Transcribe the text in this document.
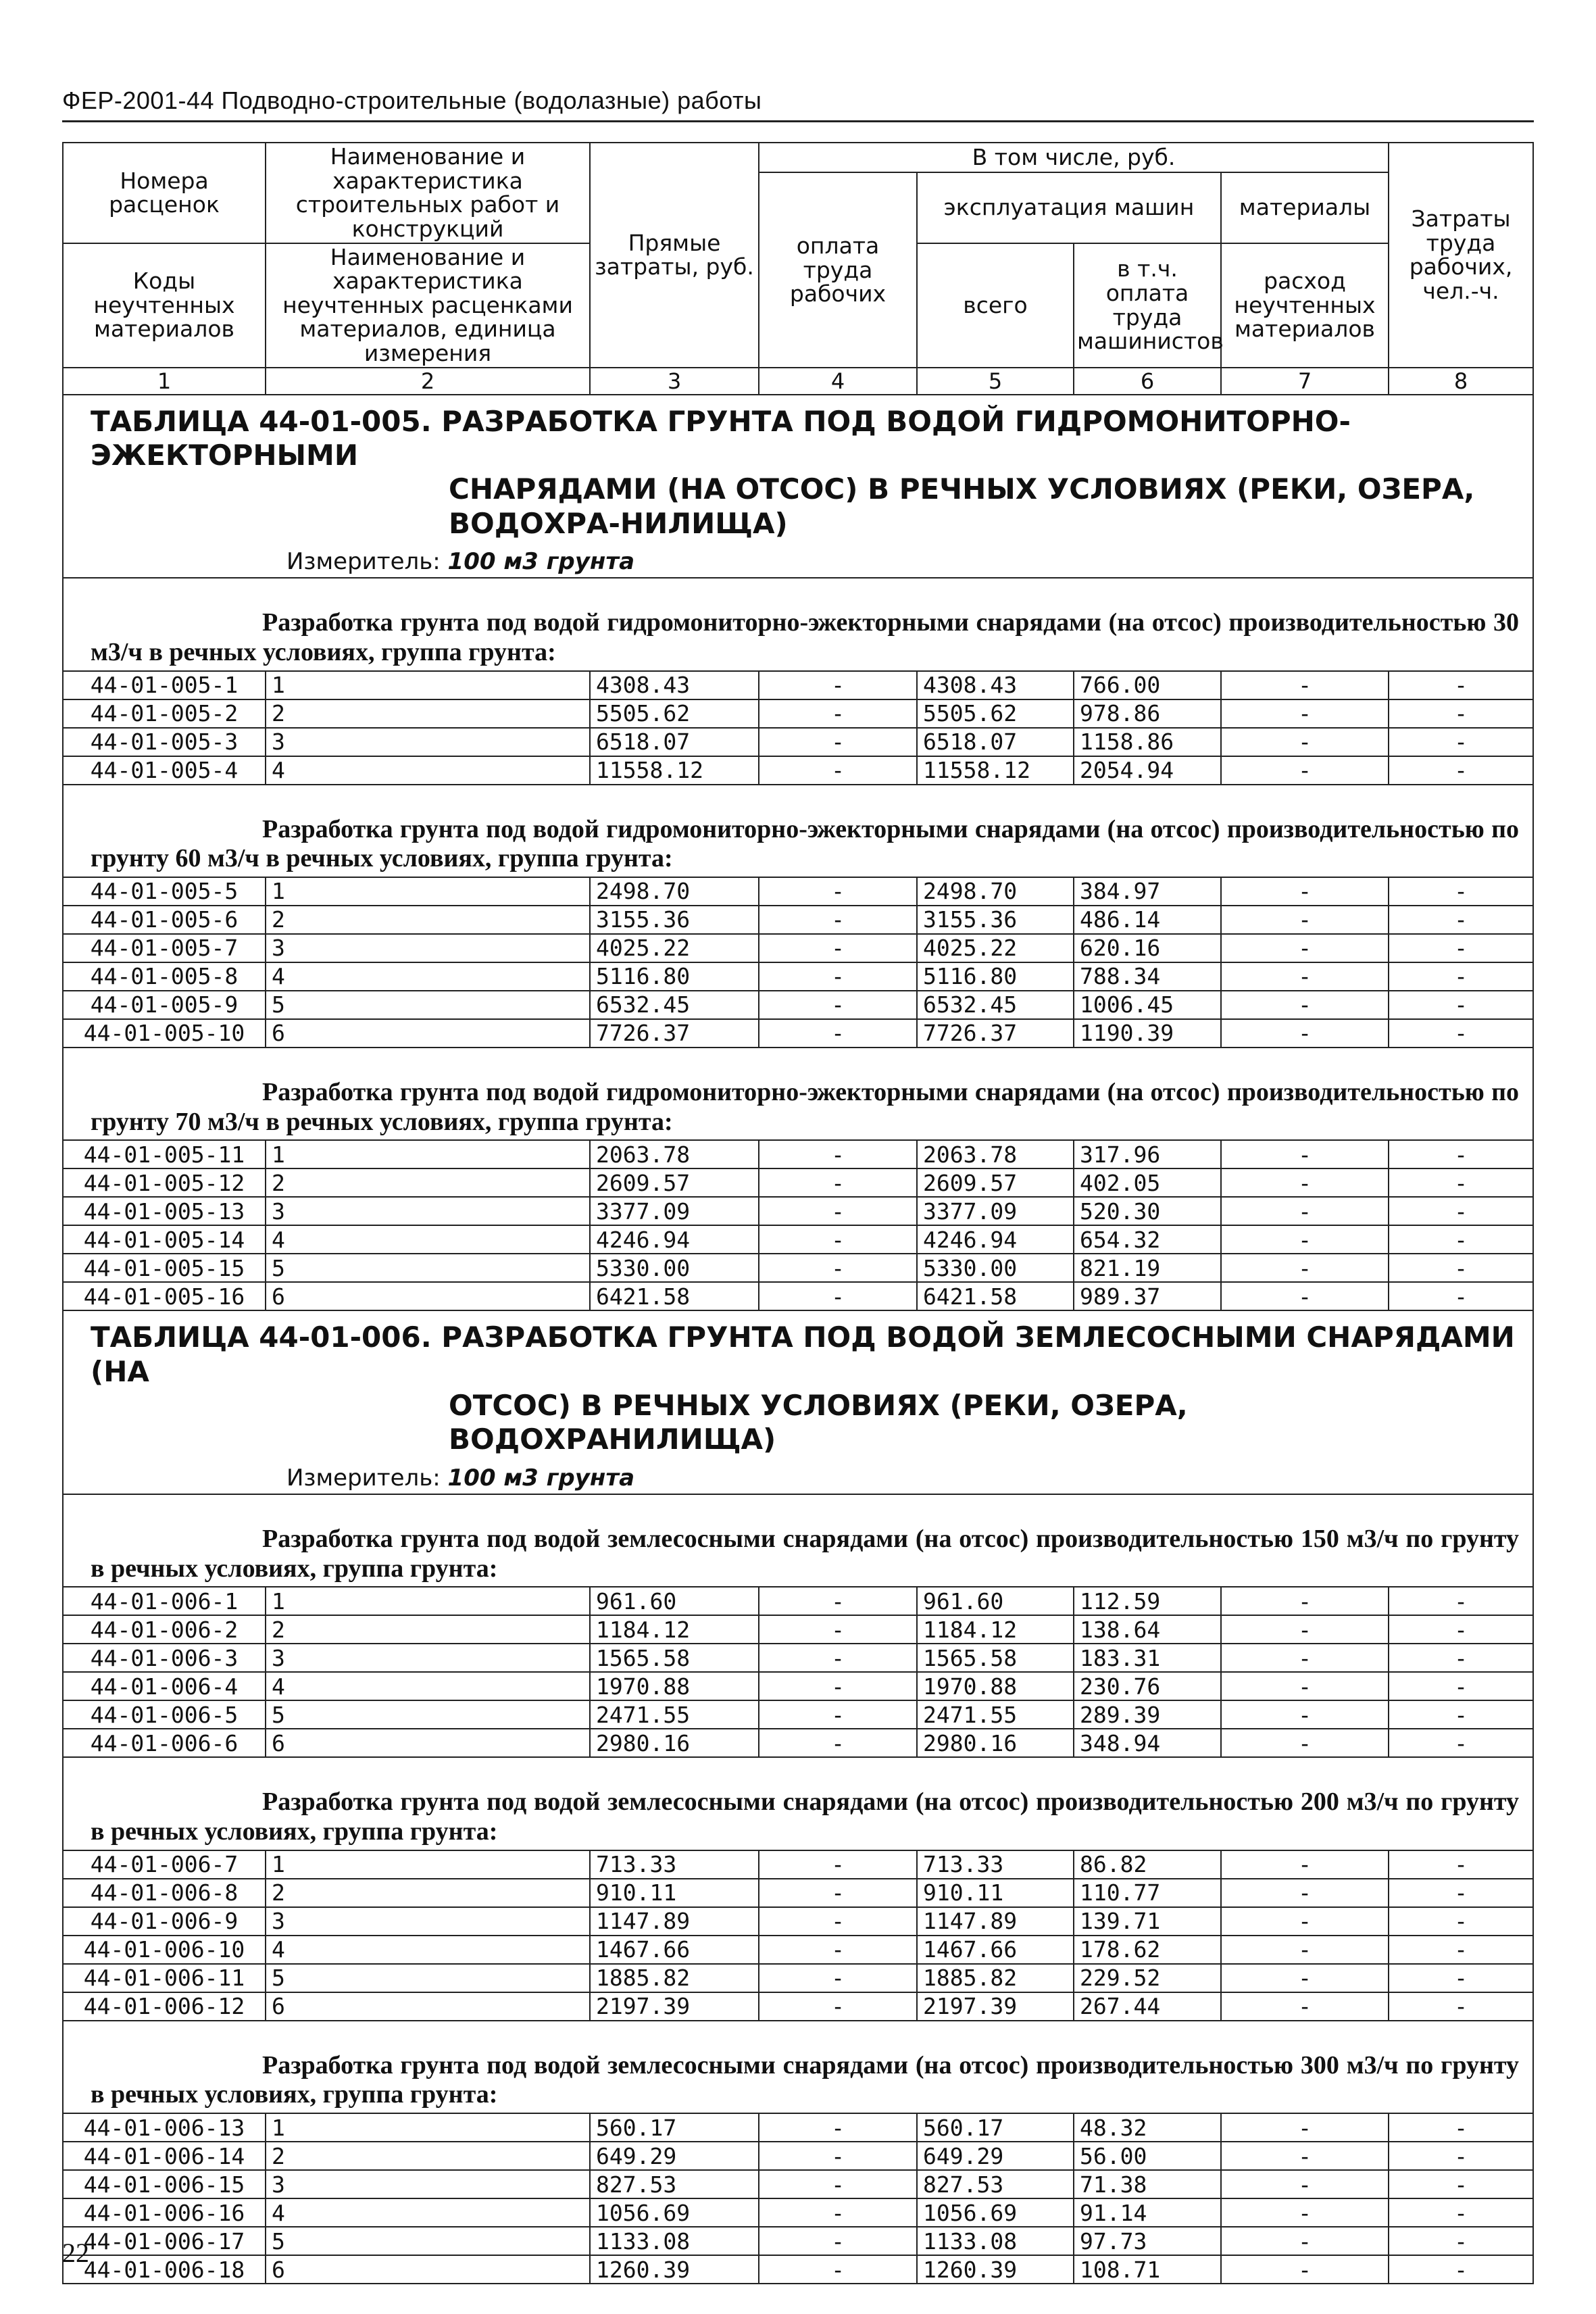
ФЕР-2001-44 Подводно-строительные (водолазные) работы
Номера расценок	Наименование и характеристика строительных работ и конструкций	Прямые затраты, руб.	В том числе, руб.				Затраты труда рабочих, чел.-ч.
			оплата труда рабочих	эксплуатация машин		материалы	
Коды неучтенных материалов	Наименование и характеристика неучтенных расценками материалов, единица измерения			всего	в т.ч. оплата труда машинистов	расход неучтенных материалов	

1	2	3	4	5	6	7	8

ТАБЛИЦА 44-01-005. РАЗРАБОТКА ГРУНТА ПОД ВОДОЙ ГИДРОМОНИТОРНО-ЭЖЕКТОРНЫМИ
СНАРЯДАМИ (НА ОТСОС) В РЕЧНЫХ УСЛОВИЯХ (РЕКИ, ОЗЕРА, ВОДОХРА-НИЛИЩА)
Измеритель: 100 м3 грунта							

Разработка грунта под водой гидромониторно-эжекторными снарядами (на отсос) производительностью 30 м3/ч в речных условиях, группа грунта:							

44-01-005-1	1	4308.43	-	4308.43	766.00	-	-
44-01-005-2	2	5505.62	-	5505.62	978.86	-	-
44-01-005-3	3	6518.07	-	6518.07	1158.86	-	-
44-01-005-4	4	11558.12	-	11558.12	2054.94	-	-

Разработка грунта под водой гидромониторно-эжекторными снарядами (на отсос) производительностью по грунту 60 м3/ч в речных условиях, группа грунта:							

44-01-005-5	1	2498.70	-	2498.70	384.97	-	-
44-01-005-6	2	3155.36	-	3155.36	486.14	-	-
44-01-005-7	3	4025.22	-	4025.22	620.16	-	-
44-01-005-8	4	5116.80	-	5116.80	788.34	-	-
44-01-005-9	5	6532.45	-	6532.45	1006.45	-	-
44-01-005-10	6	7726.37	-	7726.37	1190.39	-	-

Разработка грунта под водой гидромониторно-эжекторными снарядами (на отсос) производительностью по грунту 70 м3/ч в речных условиях, группа грунта:							

44-01-005-11	1	2063.78	-	2063.78	317.96	-	-
44-01-005-12	2	2609.57	-	2609.57	402.05	-	-
44-01-005-13	3	3377.09	-	3377.09	520.30	-	-
44-01-005-14	4	4246.94	-	4246.94	654.32	-	-
44-01-005-15	5	5330.00	-	5330.00	821.19	-	-
44-01-005-16	6	6421.58	-	6421.58	989.37	-	-

ТАБЛИЦА 44-01-006. РАЗРАБОТКА ГРУНТА ПОД ВОДОЙ ЗЕМЛЕСОСНЫМИ СНАРЯДАМИ (НА
ОТСОС) В РЕЧНЫХ УСЛОВИЯХ (РЕКИ, ОЗЕРА, ВОДОХРАНИЛИЩА)
Измеритель: 100 м3 грунта							

Разработка грунта под водой землесосными снарядами (на отсос) производительностью 150 м3/ч по грунту в речных условиях, группа грунта:							

44-01-006-1	1	961.60	-	961.60	112.59	-	-
44-01-006-2	2	1184.12	-	1184.12	138.64	-	-
44-01-006-3	3	1565.58	-	1565.58	183.31	-	-
44-01-006-4	4	1970.88	-	1970.88	230.76	-	-
44-01-006-5	5	2471.55	-	2471.55	289.39	-	-
44-01-006-6	6	2980.16	-	2980.16	348.94	-	-

Разработка грунта под водой землесосными снарядами (на отсос) производительностью 200 м3/ч по грунту в речных условиях, группа грунта:							

44-01-006-7	1	713.33	-	713.33	86.82	-	-
44-01-006-8	2	910.11	-	910.11	110.77	-	-
44-01-006-9	3	1147.89	-	1147.89	139.71	-	-
44-01-006-10	4	1467.66	-	1467.66	178.62	-	-
44-01-006-11	5	1885.82	-	1885.82	229.52	-	-
44-01-006-12	6	2197.39	-	2197.39	267.44	-	-

Разработка грунта под водой землесосными снарядами (на отсос) производительностью 300 м3/ч по грунту в речных условиях, группа грунта:							

44-01-006-13	1	560.17	-	560.17	48.32	-	-
44-01-006-14	2	649.29	-	649.29	56.00	-	-
44-01-006-15	3	827.53	-	827.53	71.38	-	-
44-01-006-16	4	1056.69	-	1056.69	91.14	-	-
44-01-006-17	5	1133.08	-	1133.08	97.73	-	-
44-01-006-18	6	1260.39	-	1260.39	108.71	-	-
22
